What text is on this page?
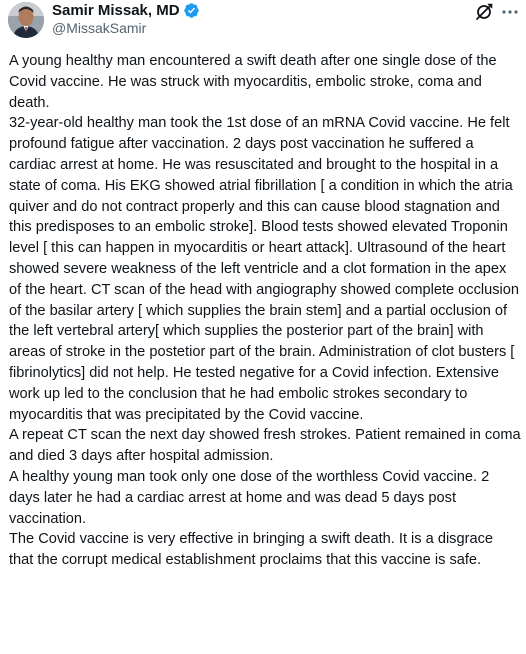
Samir Missak, MD
@MissakSamir

A young healthy man encountered a swift death after one single dose of the Covid vaccine. He was struck with myocarditis, embolic stroke, coma and death.

32-year-old healthy man took the 1st dose of an mRNA Covid vaccine. He felt profound fatigue after vaccination. 2 days post vaccination he suffered a cardiac arrest at home. He was resuscitated and brought to the hospital in a state of coma. His EKG showed atrial fibrillation [ a condition in which the atria quiver and do not contract properly and this can cause blood stagnation and this predisposes to an embolic stroke]. Blood tests showed elevated Troponin level [ this can happen in myocarditis or heart attack]. Ultrasound of the heart showed severe weakness of the left ventricle and a clot formation in the apex of the heart. CT scan of the head with angiography showed complete occlusion of the basilar artery [ which supplies the brain stem] and a partial occlusion of the left vertebral artery[ which supplies the posterior part of the brain] with areas of stroke in the postetior part of the brain. Administration of clot busters [ fibrinolytics] did not help. He tested negative for a Covid infection. Extensive work up led to the conclusion that he had embolic strokes secondary to myocarditis that was precipitated by the Covid vaccine.

A repeat CT scan the next day showed fresh strokes. Patient remained in coma and died 3 days after hospital admission.

A healthy young man took only one dose of the worthless Covid vaccine. 2 days later he had a cardiac arrest at home and was dead 5 days post vaccination.

The Covid vaccine is very effective in bringing a swift death. It is a disgrace that the corrupt medical establishment proclaims that this vaccine is safe.
